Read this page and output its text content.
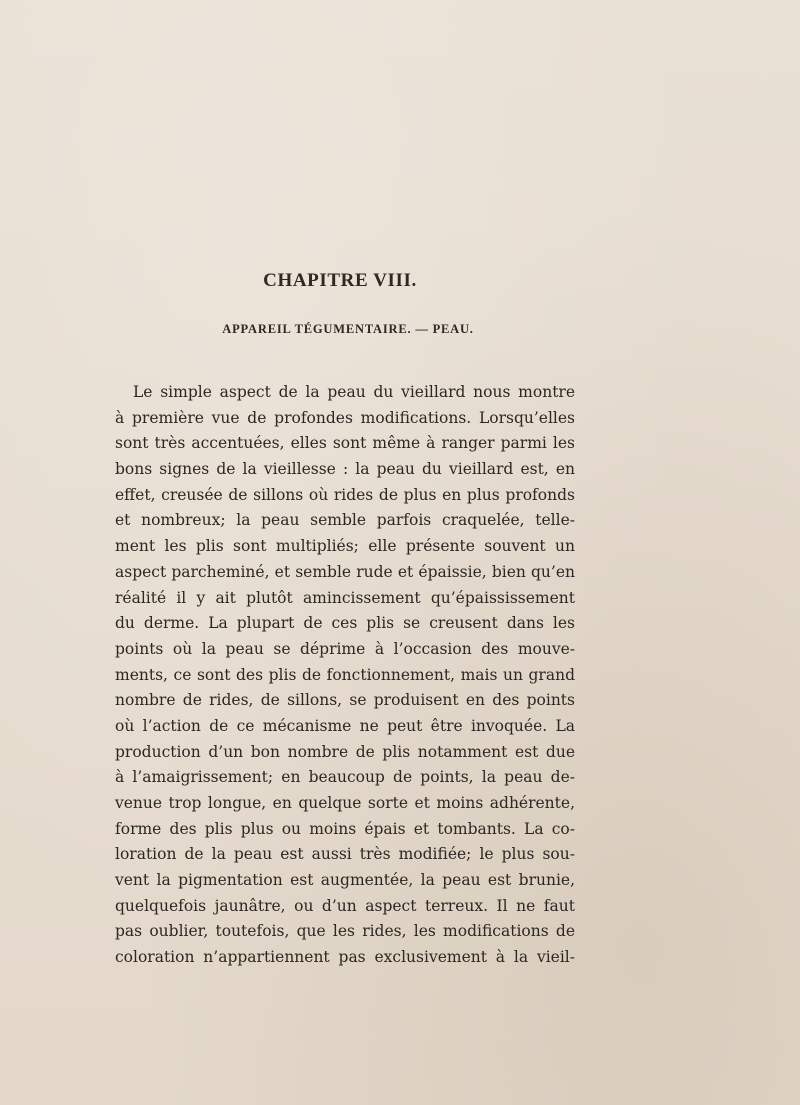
CHAPITRE VIII.
APPAREIL TÉGUMENTAIRE. — PEAU.
Le simple aspect de la peau du vieillard nous montre
à première vue de profondes modifications. Lorsqu’elles
sont très accentuées, elles sont même à ranger parmi les
bons signes de la vieillesse : la peau du vieillard est, en
effet, creusée de sillons où rides de plus en plus profonds
et nombreux; la peau semble parfois craquelée, telle-
ment les plis sont multipliés; elle présente souvent un
aspect parcheminé, et semble rude et épaissie, bien qu’en
réalité il y ait plutôt amincissement qu’épaississement
du derme. La plupart de ces plis se creusent dans les
points où la peau se déprime à l’occasion des mouve-
ments, ce sont des plis de fonctionnement, mais un grand
nombre de rides, de sillons, se produisent en des points
où l’action de ce mécanisme ne peut être invoquée. La
production d’un bon nombre de plis notamment est due
à l’amaigrissement; en beaucoup de points, la peau de-
venue trop longue, en quelque sorte et moins adhérente,
forme des plis plus ou moins épais et tombants. La co-
loration de la peau est aussi très modifiée; le plus sou-
vent la pigmentation est augmentée, la peau est brunie,
quelquefois jaunâtre, ou d’un aspect terreux. Il ne faut
pas oublier, toutefois, que les rides, les modifications de
coloration n’appartiennent pas exclusivement à la vieil-
